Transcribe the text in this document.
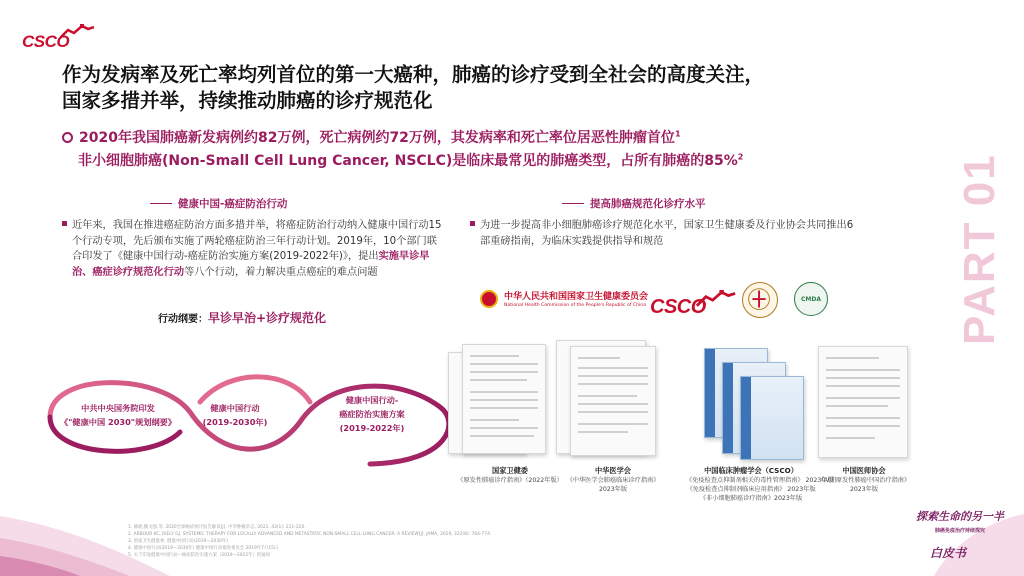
CSCO
作为发病率及死亡率均列首位的第一大癌种，肺癌的诊疗受到全社会的高度关注，
国家多措并举，持续推动肺癌的诊疗规范化
2020年我国肺癌新发病例约82万例，死亡病例约72万例，其发病率和死亡率位居恶性肿瘤首位$^1$
非小细胞肺癌(Non-Small Cell Lung Cancer, NSCLC)是临床最常见的肺癌类型，占所有肺癌的85%$^2$
健康中国-癌症防治行动
近年来，我国在推进癌症防治方面多措并举，将癌症防治行动纳入健康中国行动15个行动专项，先后颁布实施了两轮癌症防治三年行动计划。2019年，10个部门联合印发了《健康中国行动-癌症防治实施方案(2019-2022年)》，提出实施早诊早治、癌症诊疗规范化行动等八个行动，着力解决重点癌症的难点问题
行动纲要：早诊早治+诊疗规范化
中共中央国务院印发
《"健康中国 2030"规划纲要》
健康中国行动
(2019-2030年)
健康中国行动-
癌症防治实施方案
(2019-2022年)
提高肺癌规范化诊疗水平
为进一步提高非小细胞肺癌诊疗规范化水平，国家卫生健康委及行业协会共同推出6部重磅指南，为临床实践提供指导和规范
中华人民共和国国家卫生健康委员会
National Health Commission of the People's Republic of China CSCO	CMDA
国家卫健委
《原发性肺癌诊疗指南》（2022年版）
中华医学会
《中华医学会肺癌临床诊疗指南》
2023年版
中国临床肿瘤学会（CSCO）
《免疫检查点抑制剂相关的毒性管理指南》 2023年版
《免疫检查点抑制剂临床应用指南》 2023年版
《非小细胞肺癌诊疗指南》2023年版
中国医师协会
《Ⅳ期原发性肺癌中国治疗指南》
2023年版
PART 01
1. 赫捷,魏文强,等. 2020全球癌症统计报告解读[J]. 中华肿瘤杂志, 2021, 43(1): 211-220.
2. ARBOUR KC, RIELY GJ. SYSTEMIC THERAPY FOR LOCALLY ADVANCED AND METASTATIC NON-SMALL CELL LUNG CANCER: A REVIEW[J]. JAMA, 2019, 322(8): 764-774.
3. 国家卫生健康委. 健康中国行动(2019—2030年)
4. 健康中国行动(2019—2030年) 健康中国行动推进委员会 2019年7月15日
5. 关于印发健康中国行动—癌症防治实施方案（2019—2022年）的通知
探索生命的另一半
肺癌免疫治疗持续探究
白皮书
